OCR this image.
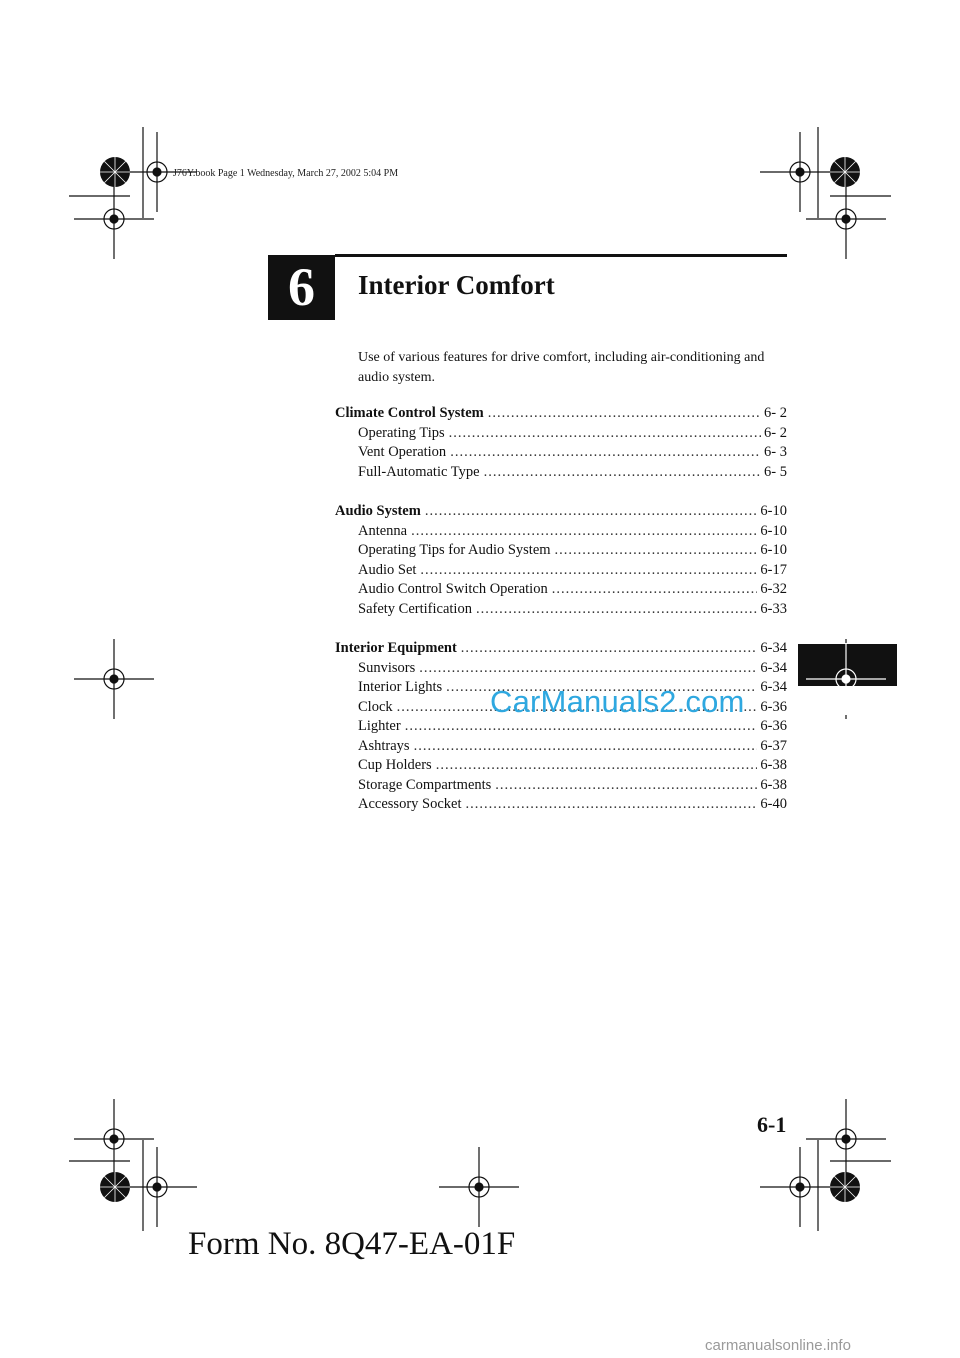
J76Y.book Page 1 Wednesday, March 27, 2002 5:04 PM
6	Interior Comfort
Use of various features for drive comfort, including air-conditioning and audio system.
Climate Control System .....	6- 2
Operating Tips .....	6- 2
Vent Operation .....	6- 3
Full-Automatic Type .....	6- 5
Audio System .....	6-10
Antenna .....	6-10
Operating Tips for Audio System .....	6-10
Audio Set .....	6-17
Audio Control Switch Operation .....	6-32
Safety Certification .....	6-33
Interior Equipment .....	6-34
Sunvisors .....	6-34
Interior Lights .....	6-34
Clock .....	6-36
Lighter .....	6-36
Ashtrays .....	6-37
Cup Holders .....	6-38
Storage Compartments .....	6-38
Accessory Socket .....	6-40
CarManuals2.com
6-1
Form No. 8Q47-EA-01F
carmanualsonline.info
